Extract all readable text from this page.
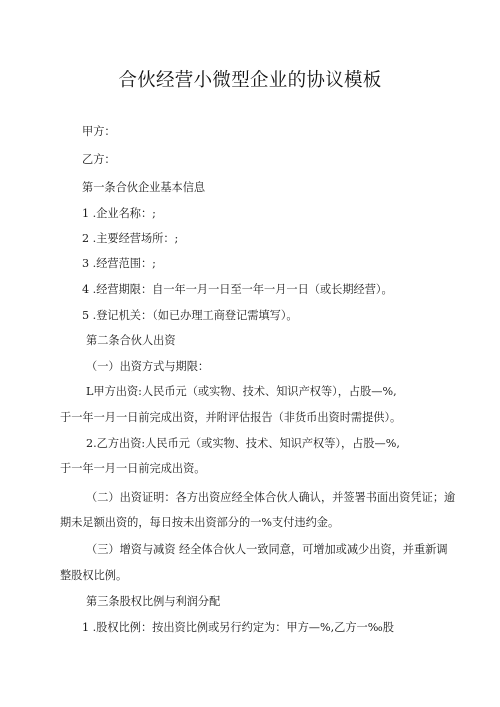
合伙经营小微型企业的协议模板
甲方：
乙方：
第一条合伙企业基本信息
1 .企业名称：;
2 .主要经营场所：;
3 .经营范围：;
4 .经营期限：自一年一月一日至一年一月一日（或长期经营）。
5 .登记机关：（如已办理工商登记需填写）。
第二条合伙人出资
（一）出资方式与期限：
L甲方出资:人民币元（或实物、技术、知识产权等），占股—%,
于一年一月一日前完成出资，并附评估报告（非货币出资时需提供）。
2.乙方出资:人民币元（或实物、技术、知识产权等），占股—%,
于一年一月一日前完成出资。
（二）出资证明：各方出资应经全体合伙人确认，并签署书面出资凭证；逾
期未足额出资的，每日按未出资部分的一%支付违约金。
（三）增资与减资 经全体合伙人一致同意，可增加或减少出资，并重新调
整股权比例。
第三条股权比例与利润分配
1 .股权比例：按出资比例或另行约定为：甲方—%,乙方一‰股
